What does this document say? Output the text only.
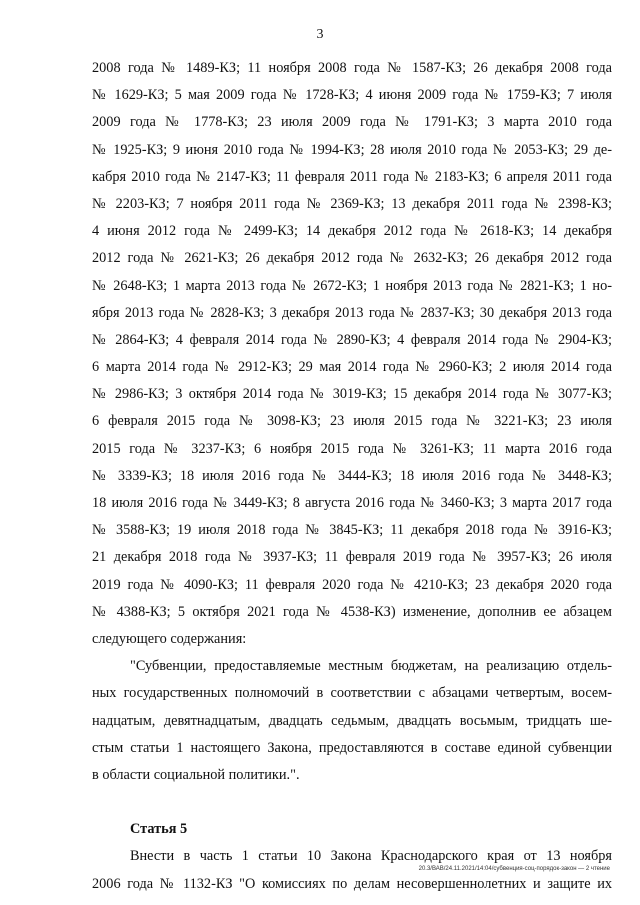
3
2008 года № 1489-КЗ; 11 ноября 2008 года № 1587-КЗ; 26 декабря 2008 года
№ 1629-КЗ; 5 мая 2009 года № 1728-КЗ; 4 июня 2009 года № 1759-КЗ; 7 июля
2009 года № 1778-КЗ; 23 июля 2009 года № 1791-КЗ; 3 марта 2010 года
№ 1925-КЗ; 9 июня 2010 года № 1994-КЗ; 28 июля 2010 года № 2053-КЗ; 29 де-
кабря 2010 года № 2147-КЗ; 11 февраля 2011 года № 2183-КЗ; 6 апреля 2011 года
№ 2203-КЗ; 7 ноября 2011 года № 2369-КЗ; 13 декабря 2011 года № 2398-КЗ;
4 июня 2012 года № 2499-КЗ; 14 декабря 2012 года № 2618-КЗ; 14 декабря
2012 года № 2621-КЗ; 26 декабря 2012 года № 2632-КЗ; 26 декабря 2012 года
№ 2648-КЗ; 1 марта 2013 года № 2672-КЗ; 1 ноября 2013 года № 2821-КЗ; 1 но-
ября 2013 года № 2828-КЗ; 3 декабря 2013 года № 2837-КЗ; 30 декабря 2013 года
№ 2864-КЗ; 4 февраля 2014 года № 2890-КЗ; 4 февраля 2014 года № 2904-КЗ;
6 марта 2014 года № 2912-КЗ; 29 мая 2014 года № 2960-КЗ; 2 июля 2014 года
№ 2986-КЗ; 3 октября 2014 года № 3019-КЗ; 15 декабря 2014 года № 3077-КЗ;
6 февраля 2015 года № 3098-КЗ; 23 июля 2015 года № 3221-КЗ; 23 июля
2015 года № 3237-КЗ; 6 ноября 2015 года № 3261-КЗ; 11 марта 2016 года
№ 3339-КЗ; 18 июля 2016 года № 3444-КЗ; 18 июля 2016 года № 3448-КЗ;
18 июля 2016 года № 3449-КЗ; 8 августа 2016 года № 3460-КЗ; 3 марта 2017 года
№ 3588-КЗ; 19 июля 2018 года № 3845-КЗ; 11 декабря 2018 года № 3916-КЗ;
21 декабря 2018 года № 3937-КЗ; 11 февраля 2019 года № 3957-КЗ; 26 июля
2019 года № 4090-КЗ; 11 февраля 2020 года № 4210-КЗ; 23 декабря 2020 года
№ 4388-КЗ; 5 октября 2021 года № 4538-КЗ) изменение, дополнив ее абзацем
следующего содержания:
"Субвенции, предоставляемые местным бюджетам, на реализацию отдель-
ных государственных полномочий в соответствии с абзацами четвертым, восем-
надцатым, девятнадцатым, двадцать седьмым, двадцать восьмым, тридцать ше-
стым статьи 1 настоящего Закона, предоставляются в составе единой субвенции
в области социальной политики.".
Статья 5
Внести в часть 1 статьи 10 Закона Краснодарского края от 13 ноября
2006 года № 1132-КЗ "О комиссиях по делам несовершеннолетних и защите их
20.3/ВАВ/24.11.2021/14:04/субвенция-соц-порядок-закон — 2 чтение
